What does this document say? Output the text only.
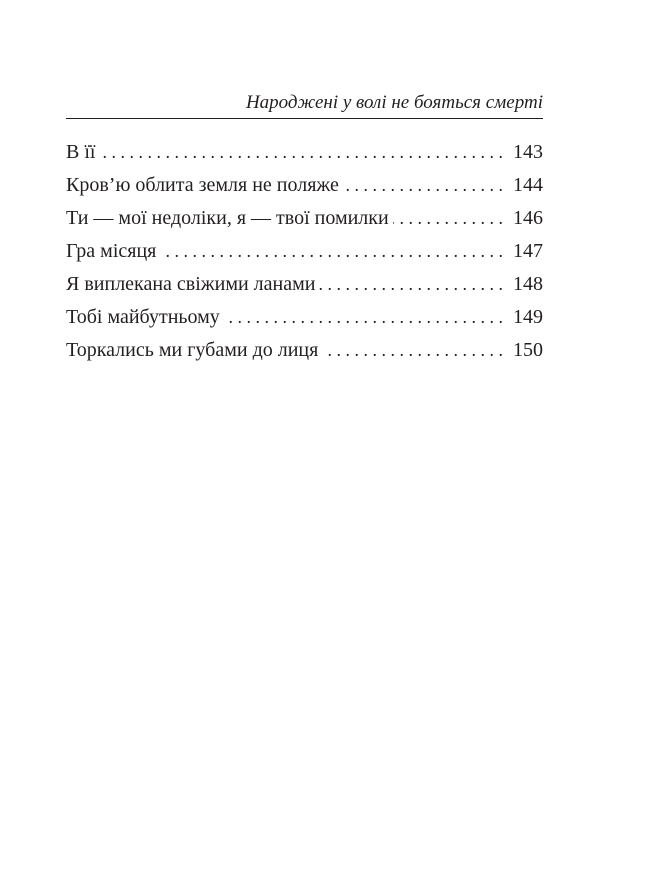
Народжені у волі не бояться смерті
В її . . .	143
Кров’ю облита земля не поляже . . .	144
Ти — мої недоліки, я — твої помилки . . .	146
Гра місяця . . .	147
Я виплекана свіжими ланами . . .	148
Тобі майбутньому . . .	149
Торкались ми губами до лиця . . .	150
